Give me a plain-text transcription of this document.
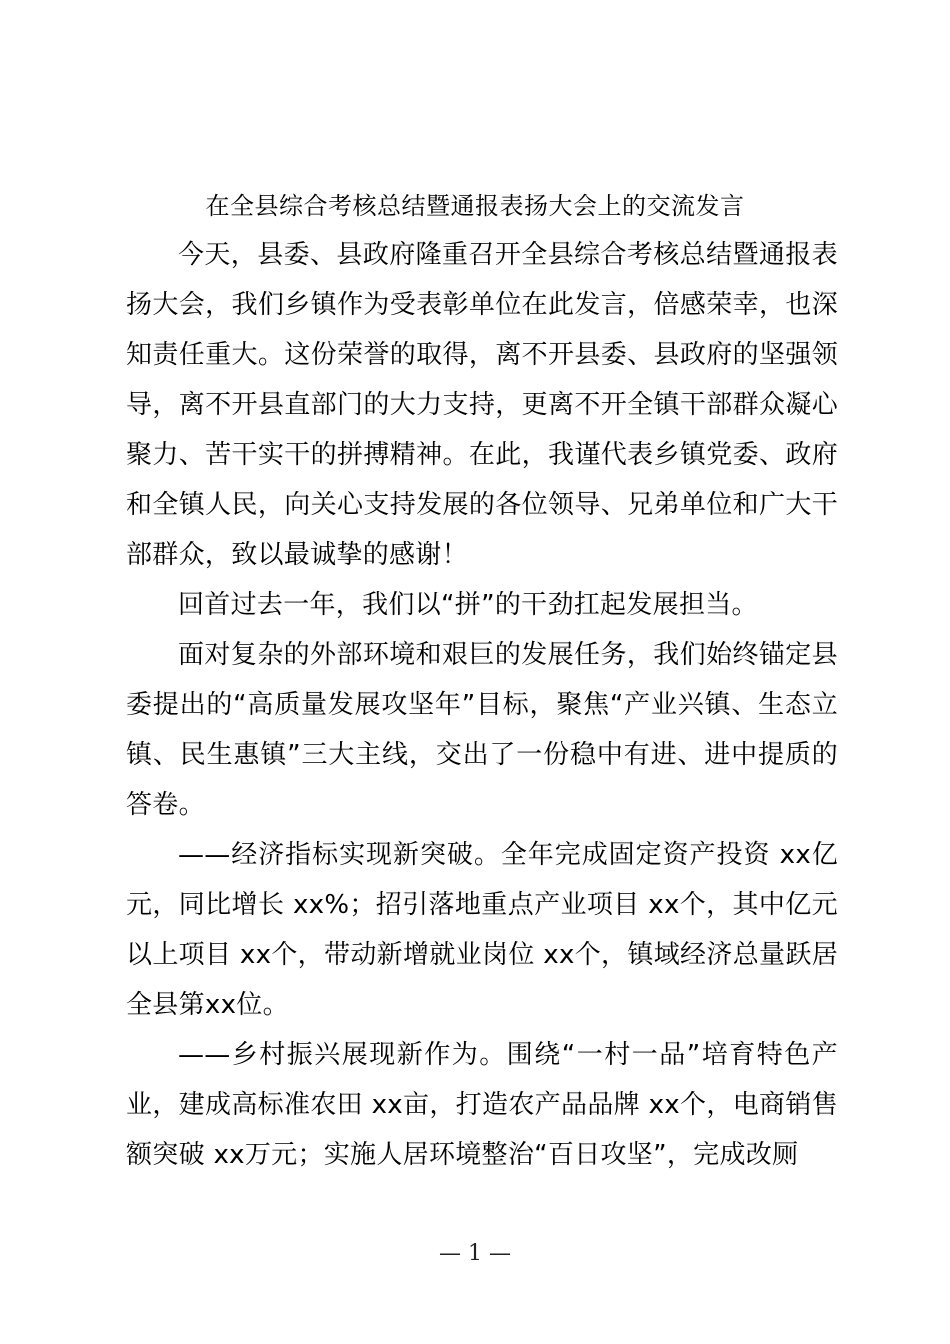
在全县综合考核总结暨通报表扬大会上的交流发言

今天，县委、县政府隆重召开全县综合考核总结暨通报表扬大会，我们乡镇作为受表彰单位在此发言，倍感荣幸，也深知责任重大。这份荣誉的取得，离不开县委、县政府的坚强领导，离不开县直部门的大力支持，更离不开全镇干部群众凝心聚力、苦干实干的拼搏精神。在此，我谨代表乡镇党委、政府和全镇人民，向关心支持发展的各位领导、兄弟单位和广大干部群众，致以最诚挚的感谢！

回首过去一年，我们以“拼”的干劲扛起发展担当。

面对复杂的外部环境和艰巨的发展任务，我们始终锚定县委提出的“高质量发展攻坚年”目标，聚焦“产业兴镇、生态立镇、民生惠镇”三大主线，交出了一份稳中有进、进中提质的答卷。

——经济指标实现新突破。全年完成固定资产投资 xx亿元，同比增长 xx%；招引落地重点产业项目 xx个，其中亿元以上项目 xx个，带动新增就业岗位 xx个，镇域经济总量跃居全县第xx位。

——乡村振兴展现新作为。围绕“一村一品”培育特色产业，建成高标准农田 xx亩，打造农产品品牌 xx个，电商销售额突破 xx万元；实施人居环境整治“百日攻坚”，完成改厕

— 1 —
